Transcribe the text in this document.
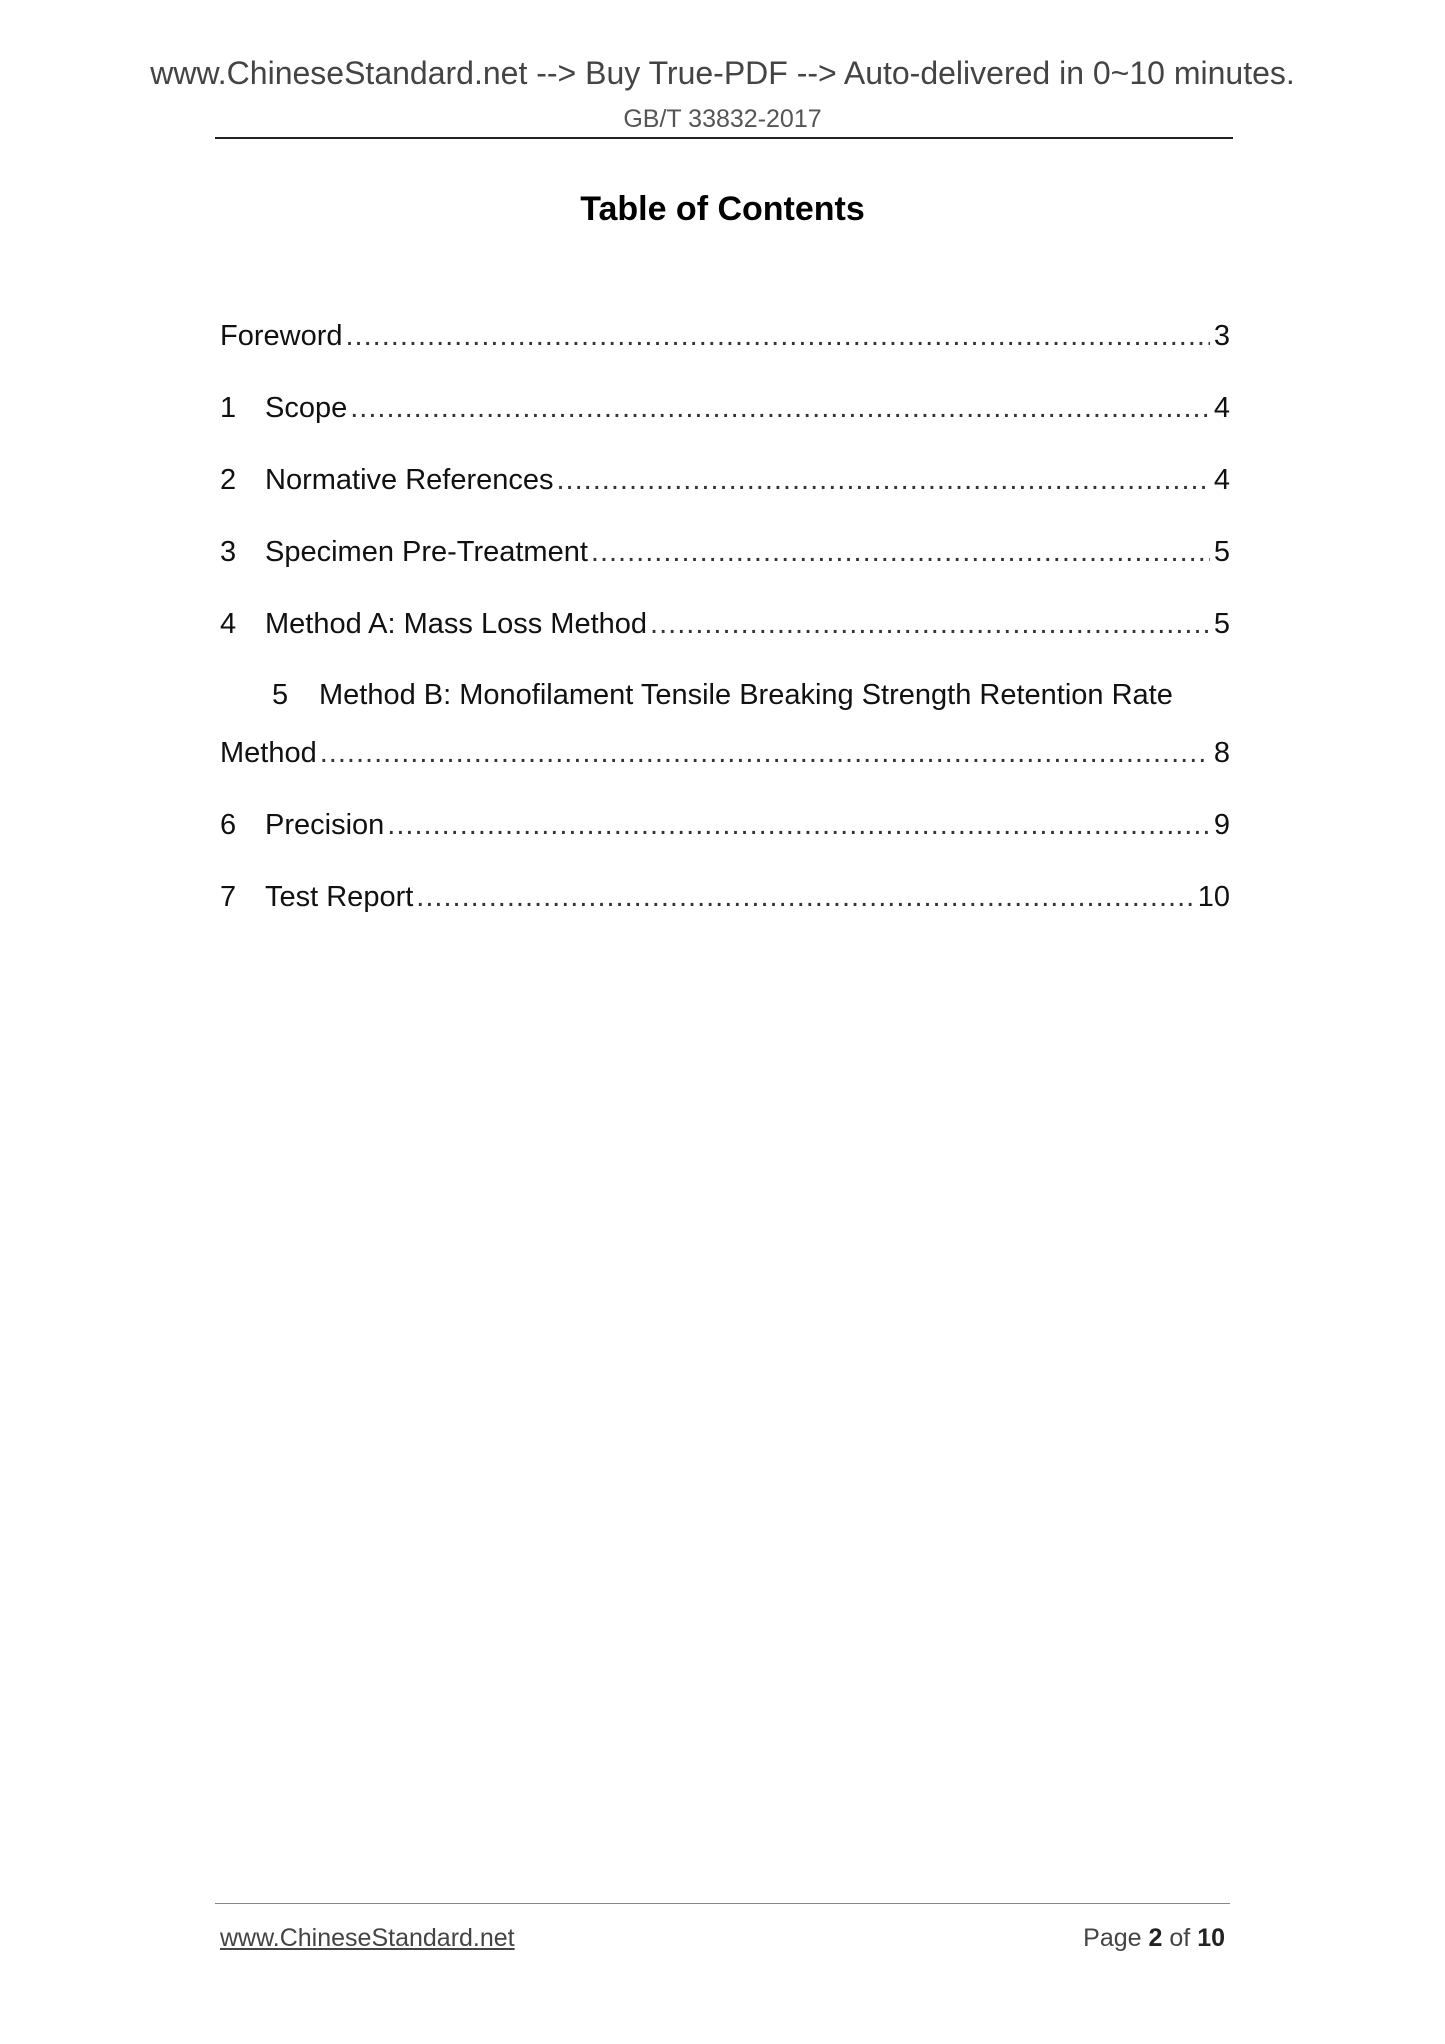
www.ChineseStandard.net --> Buy True-PDF --> Auto-delivered in 0~10 minutes.
GB/T 33832-2017
Table of Contents
Foreword .....	3
1 Scope .....	4
2 Normative References .....	4
3 Specimen Pre-Treatment .....	5
4 Method A: Mass Loss Method .....	5
5 Method B: Monofilament Tensile Breaking Strength Retention Rate
Method .....	8
6 Precision .....	9
7 Test Report .....	10
www.ChineseStandard.net	Page 2 of 10
